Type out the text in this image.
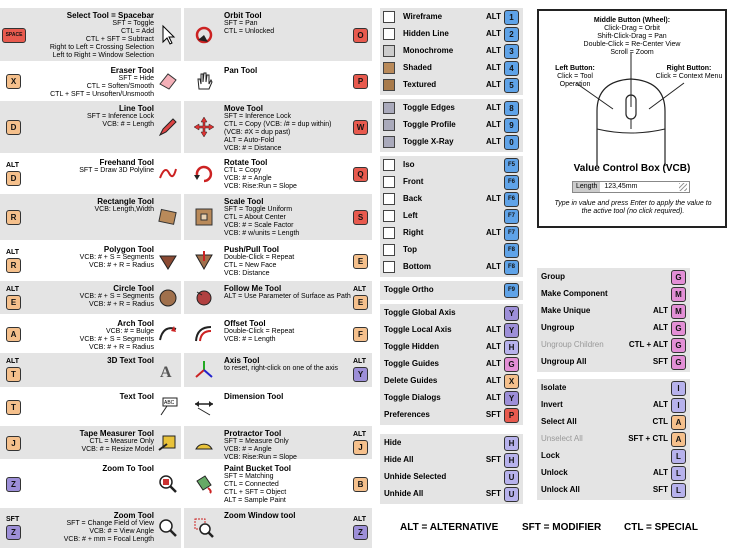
Select Tool = Spacebar
SFT = Toggle
CTL = Add
CTL + SFT = Subtract
Right to Left = Crossing Selection
Left to Right = Window Selection
SPACE
Eraser Tool
SFT = Hide
CTL = Soften/Smooth
CTL + SFT = Unsoften/Unsmooth
X
Line Tool
SFT = Inference Lock
VCB: # = Length
D
Freehand Tool
SFT = Draw 3D Polyline
ALT
D
Rectangle Tool
VCB: Length,Width
R
Polygon Tool
VCB: # + S = Segments
VCB: # + R = Radius
ALT
R
Circle Tool
VCB: # + S = Segments
VCB: # + R = Radius
ALT
E
Arch Tool
VCB: # = Bulge
VCB: # + S = Segments
VCB: # + R = Radius
A
3D Text Tool
A
ALT
T
Text Tool
ABC
T
Tape Measurer Tool
CTL = Measure Only
VCB: # = Resize Model
J
Zoom To Tool
Z
Zoom Tool
SFT = Change Field of View
VCB: # = View Angle
VCB: # + mm = Focal Length
SFT
Z
Orbit Tool
SFT = Pan
CTL = Unlocked	O
Pan Tool
P
Move Tool
SFT = Inference Lock
CTL = Copy (VCB: /# = dup within)
(VCB: #X = dup past)
ALT = Auto-Fold
VCB: # = Distance
W
Rotate Tool
CTL = Copy
VCB: # = Angle
VCB: Rise:Run = Slope
Q
Scale Tool
SFT = Toggle Uniform
CTL = About Center
VCB: # = Scale Factor
VCB: # w/units = Length
S
Push/Pull Tool
Double-Click = Repeat
CTL = New Face
VCB: Distance
E
Follow Me Tool
ALT = Use Parameter of Surface as Path
ALT
E
Offset Tool
Double-Click = Repeat
VCB: # = Length
F
Axis Tool
to reset, right-click on one of the axis
ALT
Y
Dimension Tool
Protractor Tool
SFT = Measure Only
VCB: # = Angle
VCB: Rise:Run = Slope
ALT
J
Paint Bucket Tool
SFT = Matching
CTL = Connected
CTL + SFT = Object
ALT = Sample Paint
B
Zoom Window tool	ALT
Z
Wireframe	ALT	1
Hidden Line	ALT	2
Monochrome	ALT	3
Shaded	ALT	4
Textured	ALT	5
Toggle Edges	ALT	8
Toggle Profile	ALT	9
Toggle X-Ray	ALT	0
Iso	F5
Front	F6
Back	ALT	F6
Left	F7
Right	ALT	F7
Top	F8
Bottom	ALT	F8
Toggle Ortho	F9
Toggle Global Axis	Y
Toggle Local Axis	ALT Y
Toggle Hidden	ALT H
Toggle Guides	ALT G
Delete Guides	ALT X
Toggle Dialogs	ALT Y
Preferences	SFT P
Hide	H
Hide All	SFT H
Unhide Selected	U
Unhide All	SFT U
Group	G
Make Component	M
Make Unique	ALT M
Ungroup	ALT G
Ungroup Children	CTL + ALT G
Ungroup All	SFT G
Isolate	I
Invert	ALT	I
Select All	CTL A
Unselect All	SFT + CTL A
Lock	L
Unlock	ALT	L
Unlock All	SFT	L
Middle Button (Wheel):
Click-Drag = Orbit
Shift-Click-Drag = Pan
Double-Click = Re-Center View
Scroll = Zoom
Left Button:
Click = Tool Operation
Right Button:
Click = Context Menu
Value Control Box (VCB)
Length 123,45mm
Type in value and press Enter to apply the value to the active tool (no click required).
ALT = ALTERNATIVE SFT = MODIFIER CTL = SPECIAL
